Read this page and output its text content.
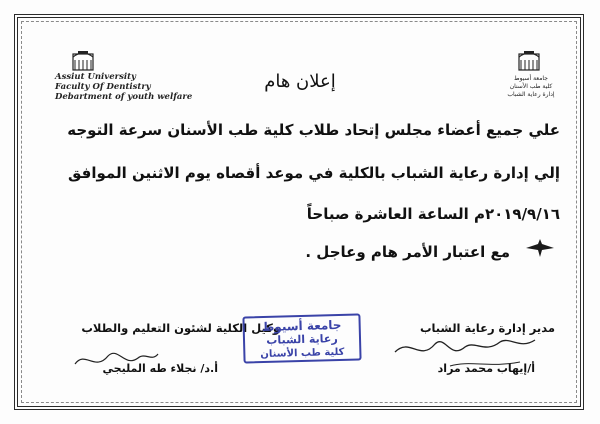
Assiut University
Faculty Of Dentistry
Debartment of youth welfare
جامعة أسيوط
كلية طب الأسنان
إدارة رعاية الشباب
إعلان هام
علي جميع أعضاء مجلس إتحاد طلاب كلية طب الأسنان سرعة التوجه
إلي إدارة رعاية الشباب بالكلية في موعد أقصاه يوم الاثنين الموافق
٢٠١٩/٩/١٦م الساعة العاشرة صباحاً
مع اعتبار الأمر هام وعاجل .
مدير إدارة رعاية الشباب
وكيل الكلية لشئون التعليم والطلاب
جامعة أسيوط
رعاية الشباب
كلية طب الأسنان
أ/إيهاب محمد مراد
أ.د/ نجلاء طه المليجي
